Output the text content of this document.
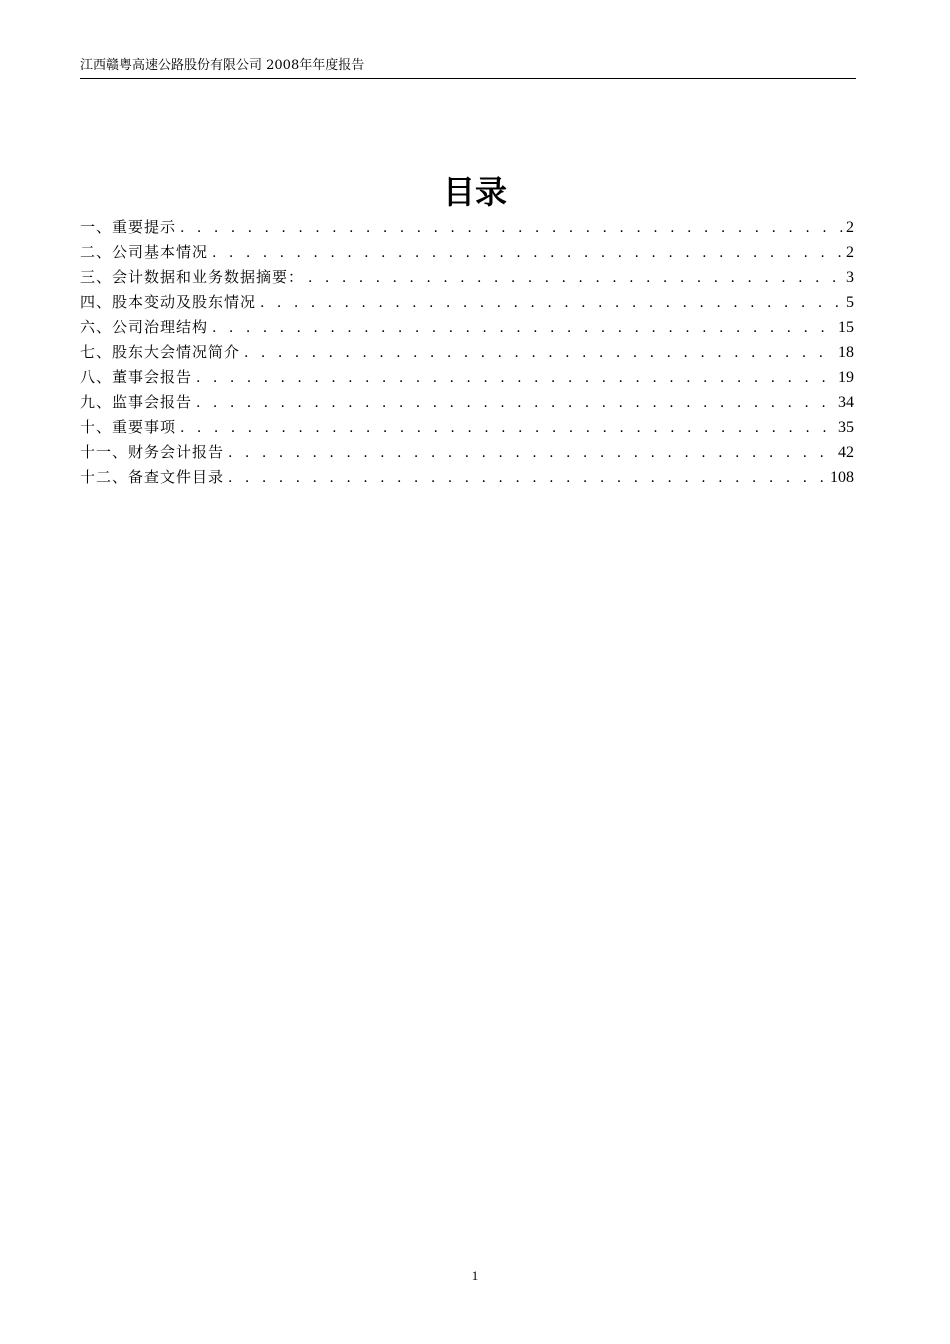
江西赣粤高速公路股份有限公司 2008年年度报告
目录
一、重要提示 . . .	2
二、公司基本情况 . . .	2
三、会计数据和业务数据摘要： . . .	3
四、股本变动及股东情况 . . .	5
六、公司治理结构 . . .	15
七、股东大会情况简介 . . .	18
八、董事会报告 . . .	19
九、监事会报告 . . .	34
十、重要事项 . . .	35
十一、财务会计报告 . . .	42
十二、备查文件目录 . . .	108
1
